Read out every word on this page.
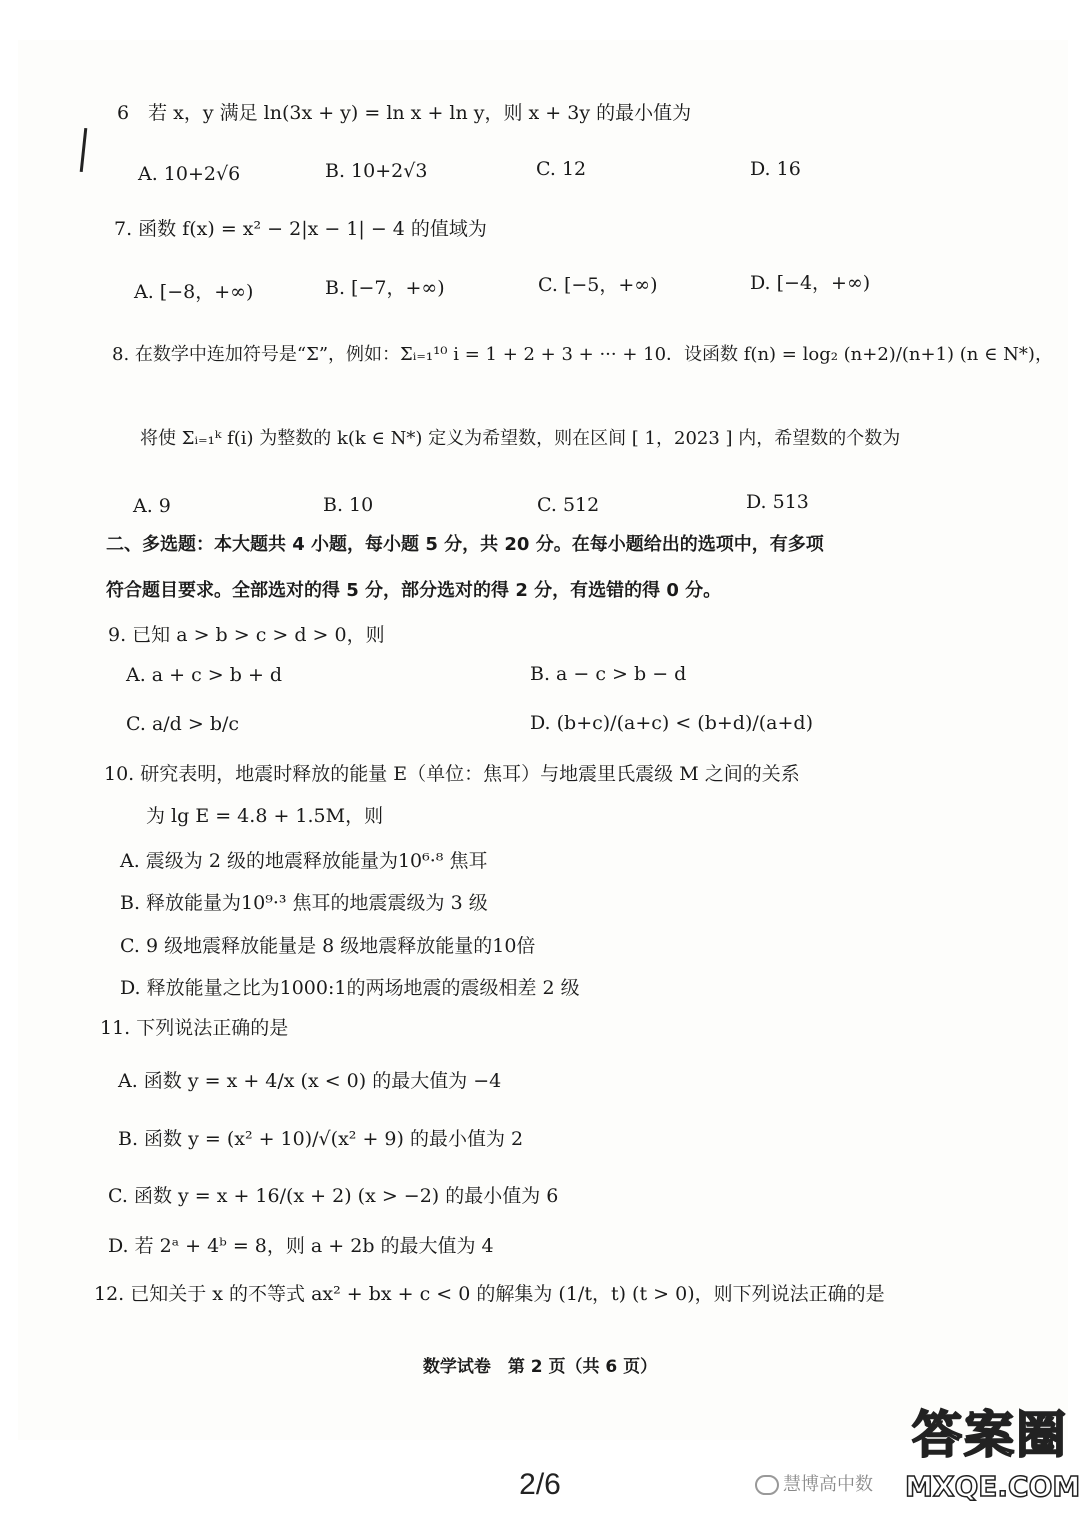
6　若 x，y 满足 ln(3x + y) = ln x + ln y，则 x + 3y 的最小值为
A. 10+2√6	B. 10+2√3	C. 12	D. 16
7. 函数 f(x) = x² − 2|x − 1| − 4 的值域为
A. [−8，+∞)	B. [−7，+∞)	C. [−5，+∞)	D. [−4，+∞)
8. 在数学中连加符号是“Σ”，例如：Σᵢ₌₁¹⁰ i = 1 + 2 + 3 + ··· + 10．设函数 f(n) = log₂ (n+2)/(n+1) (n ∈ N*)，
将使 Σᵢ₌₁ᵏ f(i) 为整数的 k(k ∈ N*) 定义为希望数，则在区间 [ 1，2023 ] 内，希望数的个数为
A. 9	B. 10	C. 512	D. 513
二、多选题：本大题共 4 小题，每小题 5 分，共 20 分。在每小题给出的选项中，有多项
符合题目要求。全部选对的得 5 分，部分选对的得 2 分，有选错的得 0 分。
9. 已知 a > b > c > d > 0，则
A. a + c > b + d	B. a − c > b − d
C. a/d > b/c	D. (b+c)/(a+c) < (b+d)/(a+d)
10. 研究表明，地震时释放的能量 E（单位：焦耳）与地震里氏震级 M 之间的关系
为 lg E = 4.8 + 1.5M，则
A. 震级为 2 级的地震释放能量为10⁶·⁸ 焦耳
B. 释放能量为10⁹·³ 焦耳的地震震级为 3 级
C. 9 级地震释放能量是 8 级地震释放能量的10倍
D. 释放能量之比为1000:1的两场地震的震级相差 2 级
11. 下列说法正确的是
A. 函数 y = x + 4/x (x < 0) 的最大值为 −4
B. 函数 y = (x² + 10)/√(x² + 9) 的最小值为 2
C. 函数 y = x + 16/(x + 2) (x > −2) 的最小值为 6
D. 若 2ᵃ + 4ᵇ = 8，则 a + 2b 的最大值为 4
12. 已知关于 x 的不等式 ax² + bx + c < 0 的解集为 (1/t，t) (t > 0)，则下列说法正确的是
数学试卷　第 2 页（共 6 页）
2/6	慧博高中数
答案圈
MXQE.COM
